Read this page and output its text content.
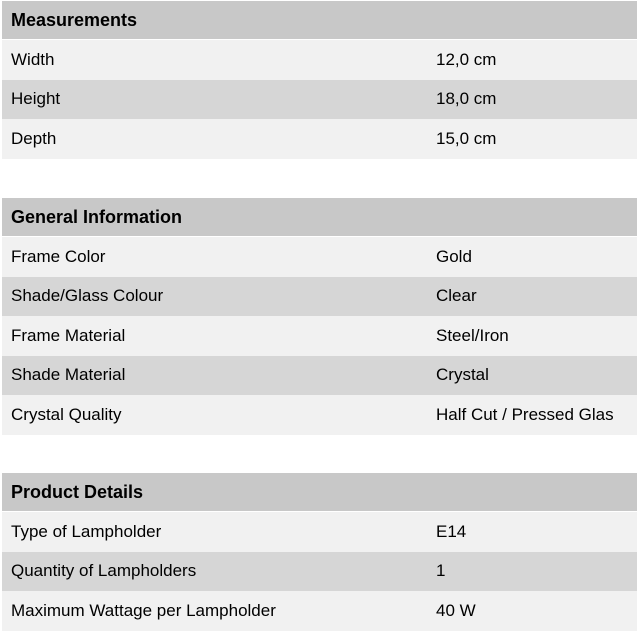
Measurements
Width	12,0 cm
Height	18,0 cm
Depth	15,0 cm
General Information
Frame Color	Gold
Shade/Glass Colour	Clear
Frame Material	Steel/Iron
Shade Material	Crystal
Crystal Quality	Half Cut / Pressed Glas
Product Details
Type of Lampholder	E14
Quantity of Lampholders	1
Maximum Wattage per Lampholder	40 W
